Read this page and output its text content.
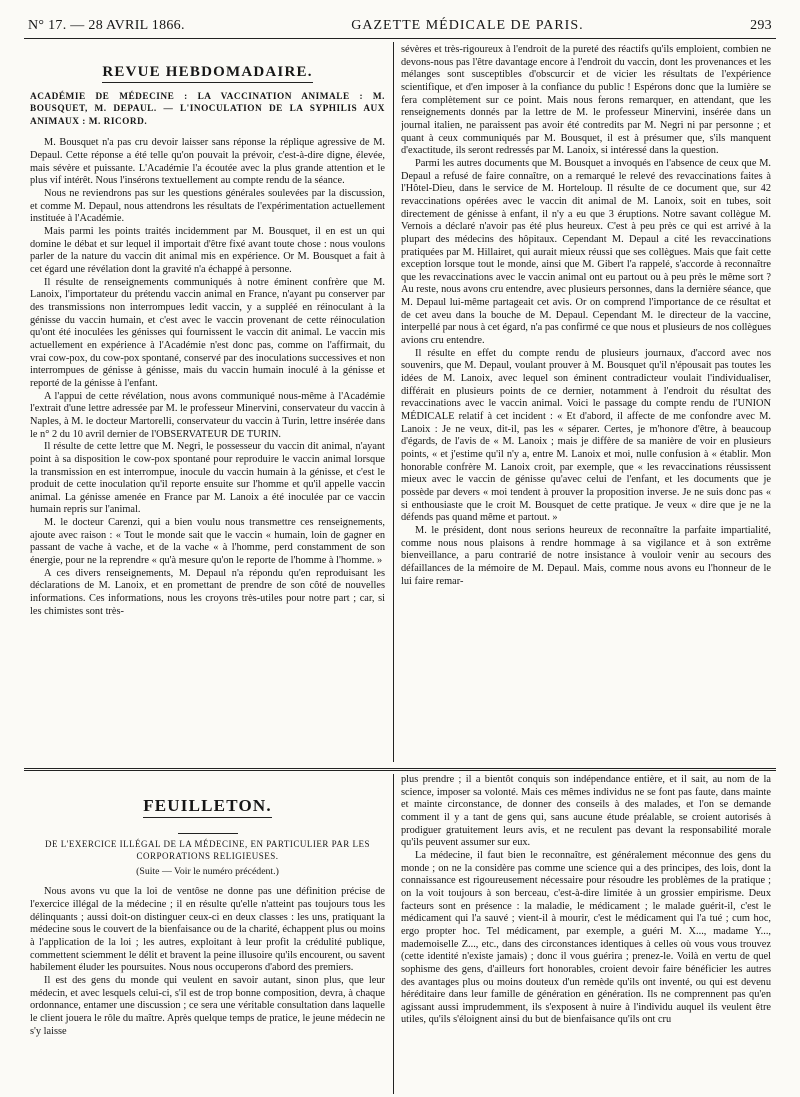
N° 17. — 28 AVRIL 1866.	GAZETTE MÉDICALE DE PARIS.	293
REVUE HEBDOMADAIRE.
ACADÉMIE DE MÉDECINE : LA VACCINATION ANIMALE : M. BOUSQUET, M. DEPAUL. — L'INOCULATION DE LA SYPHILIS AUX ANIMAUX : M. RICORD.

M. Bousquet n'a pas cru devoir laisser sans réponse la réplique agressive de M. Depaul. Cette réponse a été telle qu'on pouvait la prévoir, c'est-à-dire digne, élevée, mais sévère et puissante. L'Académie l'a écoutée avec la plus grande attention et le plus vif intérêt. Nous l'insérons textuellement au compte rendu de la séance.

Nous ne reviendrons pas sur les questions générales soulevées par la discussion, et comme M. Depaul, nous attendrons les résultats de l'expérimentation actuellement instituée à l'Académie.

Mais parmi les points traités incidemment par M. Bousquet, il en est un qui domine le débat et sur lequel il importait d'être fixé avant toute chose : nous voulons parler de la nature du vaccin dit animal mis en expérience. Or M. Bousquet a fait à cet égard une révélation dont la gravité n'a échappé à personne.

Il résulte de renseignements communiqués à notre éminent confrère que M. Lanoix, l'importateur du prétendu vaccin animal en France, n'ayant pu conserver par des transmissions non interrompues ledit vaccin, y a suppléé en réinoculant à la génisse du vaccin humain, et c'est avec le vaccin provenant de cette réinoculation qu'ont été inoculées les génisses qui fournissent le vaccin dit animal. Le vaccin mis actuellement en expérience à l'Académie n'est donc pas, comme on l'affirmait, du vrai cow-pox, du cow-pox spontané, conservé par des inoculations successives et non interrompues de génisse à génisse, mais du vaccin humain inoculé à la génisse et reporté de la génisse à l'enfant.

A l'appui de cette révélation, nous avons communiqué nous-même à l'Académie l'extrait d'une lettre adressée par M. le professeur Minervini, conservateur du vaccin à Naples, à M. le docteur Martorelli, conservateur du vaccin à Turin, lettre insérée dans le n° 2 du 10 avril dernier de l'OBSERVATEUR DE TURIN.

Il résulte de cette lettre que M. Negri, le possesseur du vaccin dit animal, n'ayant point à sa disposition le cow-pox spontané pour reproduire le vaccin animal lorsque la transmission en est interrompue, inocule du vaccin humain à la génisse, et c'est le produit de cette inoculation qu'il reporte ensuite sur l'homme et qu'il appelle vaccin animal. La génisse amenée en France par M. Lanoix a été inoculée par ce vaccin humain repris sur l'animal.

M. le docteur Carenzi, qui a bien voulu nous transmettre ces renseignements, ajoute avec raison : « Tout le monde sait que le vaccin « humain, loin de gagner en passant de vache à vache, et de la vache « à l'homme, perd constamment de son énergie, pour ne la reprendre « qu'à mesure qu'on le reporte de l'homme à l'homme. »

A ces divers renseignements, M. Depaul n'a répondu qu'en reproduisant les déclarations de M. Lanoix, et en promettant de prendre de son côté de nouvelles informations. Ces informations, nous les croyons très-utiles pour notre part ; car, si les chimistes sont très-

sévères et très-rigoureux à l'endroit de la pureté des réactifs qu'ils emploient, combien ne devons-nous pas l'être davantage encore à l'endroit du vaccin, dont les provenances et les mélanges sont susceptibles d'obscurcir et de vicier les résultats de l'expérience scientifique, et d'en imposer à la confiance du public ! Espérons donc que la lumière se fera complètement sur ce point. Mais nous ferons remarquer, en attendant, que les renseignements donnés par la lettre de M. le professeur Minervini, insérée dans un journal italien, ne paraissent pas avoir été contredits par M. Negri ni par personne ; et quant à ceux communiqués par M. Bousquet, il est à présumer que, s'ils manquent d'exactitude, ils seront redressés par M. Lanoix, si intéressé dans la question.

Parmi les autres documents que M. Bousquet a invoqués en l'absence de ceux que M. Depaul a refusé de faire connaître, on a remarqué le relevé des revaccinations faites à l'Hôtel-Dieu, dans le service de M. Horteloup. Il résulte de ce document que, sur 42 revaccinations opérées avec le vaccin dit animal de M. Lanoix, soit en tubes, soit directement de génisse à enfant, il n'y a eu que 3 éruptions. Notre savant collègue M. Vernois a déclaré n'avoir pas été plus heureux. C'est à peu près ce qui est arrivé à la plupart des médecins des hôpitaux. Cependant M. Depaul a cité les revaccinations pratiquées par M. Hillairet, qui aurait mieux réussi que ses collègues. Mais que fait cette exception lorsque tout le monde, ainsi que M. Gibert l'a rappelé, s'accorde à reconnaître que les revaccinations avec le vaccin animal ont eu partout ou à peu près le même sort ? Au reste, nous avons cru entendre, avec plusieurs personnes, dans la dernière séance, que M. Depaul lui-même partageait cet avis. Or on comprend l'importance de ce résultat et de cet aveu dans la bouche de M. Depaul. Cependant M. le directeur de la vaccine, interpellé par nous à cet égard, n'a pas confirmé ce que nous et plusieurs de nos collègues avions cru entendre.

Il résulte en effet du compte rendu de plusieurs journaux, d'accord avec nos souvenirs, que M. Depaul, voulant prouver à M. Bousquet qu'il n'épousait pas toutes les idées de M. Lanoix, avec lequel son éminent contradicteur voulait l'individualiser, différait en plusieurs points de ce dernier, notamment à l'endroit du résultat des revaccinations avec le vaccin animal. Voici le passage du compte rendu de l'UNION MÉDICALE relatif à cet incident : « Et d'abord, il affecte de me confondre avec M. Lanoix : Je ne veux, dit-il, pas les « séparer. Certes, je m'honore d'être, à beaucoup d'égards, de l'avis de « M. Lanoix ; mais je diffère de sa manière de voir en plusieurs points, « et j'estime qu'il n'y a, entre M. Lanoix et moi, nulle confusion à « établir. Mon honorable confrère M. Lanoix croit, par exemple, que « les revaccinations réussissent mieux avec le vaccin de génisse qu'avec celui de l'enfant, et les documents que je possède par devers « moi tendent à prouver la proposition inverse. Je ne suis donc pas « si enthousiaste que le croit M. Bousquet de cette pratique. Je veux « dire que je ne la défends pas quand même et partout. »

M. le président, dont nous serions heureux de reconnaître la parfaite impartialité, comme nous nous plaisons à rendre hommage à sa vigilance et à son extrême bienveillance, a paru contrarié de notre insistance à vouloir venir au secours des défaillances de la mémoire de M. Depaul. Mais, comme nous avons eu l'honneur de le lui faire remar-

FEUILLETON.
DE L'EXERCICE ILLÉGAL DE LA MÉDECINE, EN PARTICULIER PAR LES CORPORATIONS RELIGIEUSES.
(Suite — Voir le numéro précédent.)

Nous avons vu que la loi de ventôse ne donne pas une définition précise de l'exercice illégal de la médecine ; il en résulte qu'elle n'atteint pas toujours tous les délinquants ; aussi doit-on distinguer ceux-ci en deux classes : les uns, pratiquant la médecine sous le couvert de la bienfaisance ou de la charité, échappent plus ou moins à l'application de la loi ; les autres, exploitant à leur profit la crédulité publique, commettent sciemment le délit et bravent la peine illusoire qu'ils encourent, ou savent habilement éluder les poursuites. Nous nous occuperons d'abord des premiers.

Il est des gens du monde qui veulent en savoir autant, sinon plus, que leur médecin, et avec lesquels celui-ci, s'il est de trop bonne composition, devra, à chaque ordonnance, entamer une discussion ; ce sera une véritable consultation dans laquelle le client jouera le rôle du maître. Après quelque temps de pratice, le jeune médecin ne s'y laisse

plus prendre ; il a bientôt conquis son indépendance entière, et il sait, au nom de la science, imposer sa volonté. Mais ces mêmes individus ne se font pas faute, dans mainte et mainte circonstance, de donner des conseils à des malades, et l'on se demande comment il y a tant de gens qui, sans aucune étude préalable, se croient autorisés à prodiguer gratuitement leurs avis, et ne reculent pas devant la responsabilité morale qu'ils peuvent assumer sur eux.

La médecine, il faut bien le reconnaître, est généralement méconnue des gens du monde ; on ne la considère pas comme une science qui a des principes, des lois, dont la connaissance est rigoureusement nécessaire pour résoudre les problèmes de la pratique ; on la voit toujours à son berceau, c'est-à-dire limitée à un grossier empirisme. Deux facteurs sont en présence : la maladie, le médicament ; le malade guérit-il, c'est le médicament qui l'a sauvé ; vient-il à mourir, c'est le médicament qui l'a tué ; cum hoc, ergo propter hoc. Tel médicament, par exemple, a guéri M. X..., madame Y..., mademoiselle Z..., etc., dans des circonstances identiques à celles où vous vous trouvez (cette identité n'existe jamais) ; donc il vous guérira ; prenez-le. Voilà en vertu de quel sophisme des gens, d'ailleurs fort honorables, croient devoir faire bénéficier les autres des avantages plus ou moins douteux d'un remède qu'ils ont inventé, ou qui est devenu héréditaire dans leur famille de génération en génération. Ils ne comprennent pas qu'en agissant aussi imprudemment, ils s'exposent à nuire à l'individu auquel ils veulent être utiles, qu'ils s'éloignent ainsi du but de bienfaisance qu'ils ont cru
